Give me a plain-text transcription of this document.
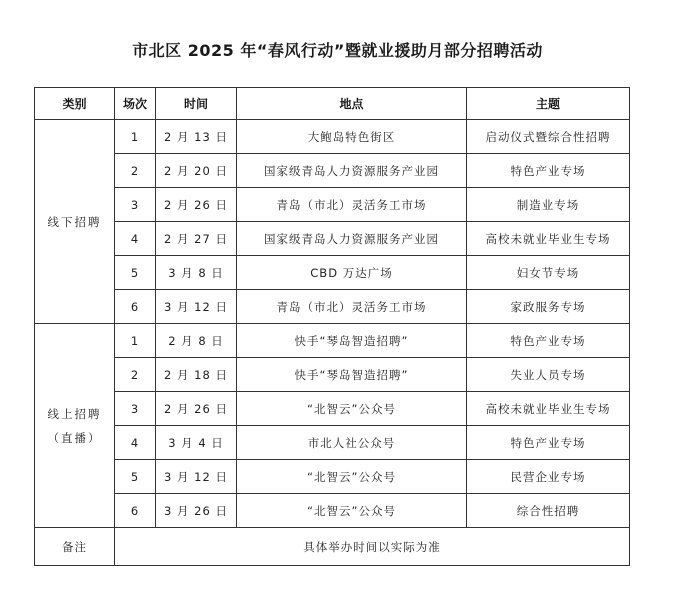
市北区 2025 年“春风行动”暨就业援助月部分招聘活动
类别	场次	时间	地点	主题
线下招聘	1	2 月 13 日	大鲍岛特色街区	启动仪式暨综合性招聘
	2	2 月 20 日	国家级青岛人力资源服务产业园	特色产业专场
	3	2 月 26 日	青岛（市北）灵活务工市场	制造业专场
	4	2 月 27 日	国家级青岛人力资源服务产业园	高校未就业毕业生专场
	5	3 月 8 日	CBD 万达广场	妇女节专场
	6	3 月 12 日	青岛（市北）灵活务工市场	家政服务专场

线上招聘
（直播）	1	2 月 8 日	快手“琴岛智造招聘”	特色产业专场
	2	2 月 18 日	快手“琴岛智造招聘”	失业人员专场
	3	2 月 26 日	“北智云”公众号	高校未就业毕业生专场
	4	3 月 4 日	市北人社公众号	特色产业专场
	5	3 月 12 日	“北智云”公众号	民营企业专场
	6	3 月 26 日	“北智云”公众号	综合性招聘
备注	具体举办时间以实际为准			
